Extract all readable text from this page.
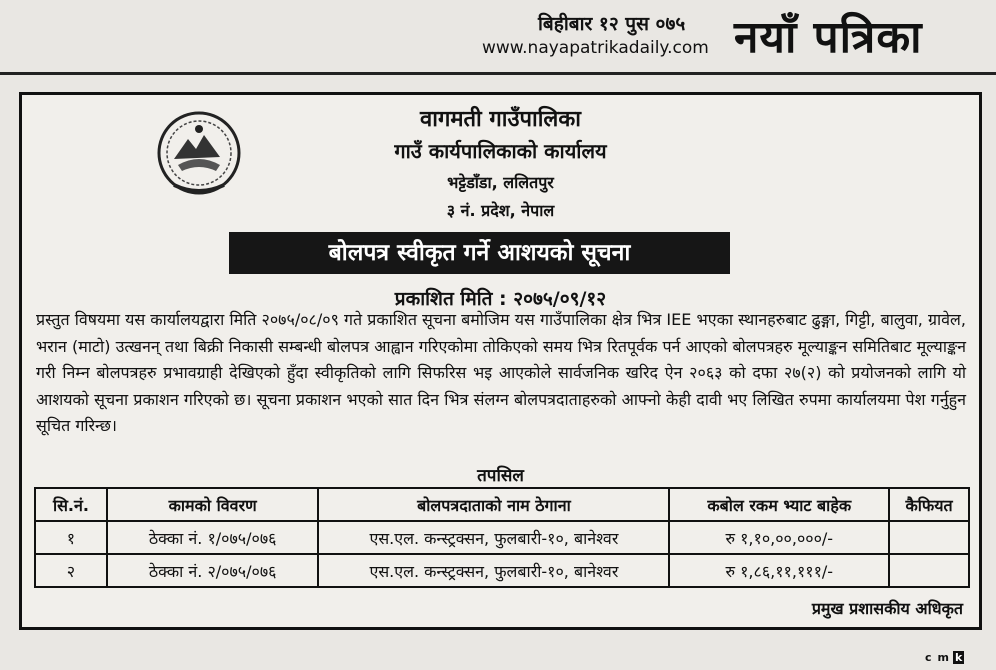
बिहीबार १२ पुस ०७५
www.nayapatrikadaily.com नयाँ पत्रिका
वागमती गाउँपालिका
गाउँ कार्यपालिकाको कार्यालय
भट्टेडाँडा, ललितपुर
३ नं. प्रदेश, नेपाल
बोलपत्र स्वीकृत गर्ने आशयको सूचना
प्रकाशित मिति : २०७५/०९/१२
प्रस्तुत विषयमा यस कार्यालयद्वारा मिति २०७५/०८/०९ गते प्रकाशित सूचना बमोजिम यस गाउँपालिका क्षेत्र भित्र IEE भएका स्थानहरुबाट ढुङ्गा, गिट्टी, बालुवा, ग्रावेल, भरान (माटो) उत्खनन् तथा बिक्री निकासी सम्बन्धी बोलपत्र आह्वान गरिएकोमा तोकिएको समय भित्र रितपूर्वक पर्न आएको बोलपत्रहरु मूल्याङ्कन समितिबाट मूल्याङ्कन गरी निम्न बोलपत्रहरु प्रभावग्राही देखिएको हुँदा स्वीकृतिको लागि सिफरिस भइ आएकोले सार्वजनिक खरिद ऐन २०६३ को दफा २७(२) को प्रयोजनको लागि यो आशयको सूचना प्रकाशन गरिएको छ। सूचना प्रकाशन भएको सात दिन भित्र संलग्न बोलपत्रदाताहरुको आफ्नो केही दावी भए लिखित रुपमा कार्यालयमा पेश गर्नुहुन सूचित गरिन्छ।
तपसिल
सि.नं.	कामको विवरण	बोलपत्रदाताको नाम ठेगाना	कबोल रकम भ्याट बाहेक	कैफियत
१	ठेक्का नं. १/०७५/०७६	एस.एल. कन्स्ट्रक्सन, फुलबारी-१०, बानेश्वर	रु १,१०,००,०००/-	
२	ठेक्का नं. २/०७५/०७६	एस.एल. कन्स्ट्रक्सन, फुलबारी-१०, बानेश्वर	रु १,८६,११,१११/-	
प्रमुख प्रशासकीय अधिकृत
c m k
